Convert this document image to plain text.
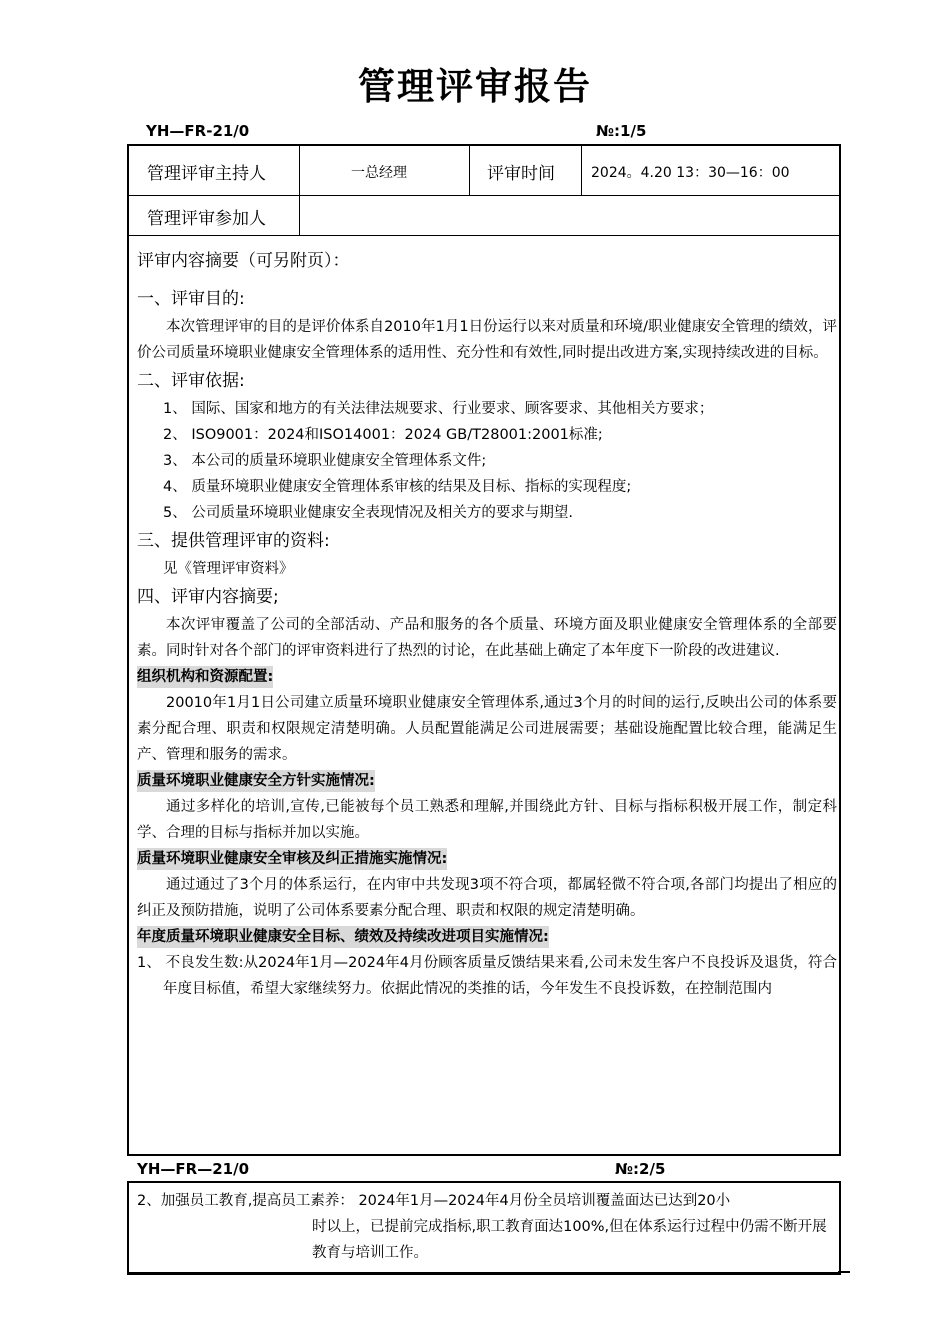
管理评审报告
YH—FR-21/0	№:1/5
管理评审主持人	一总经理	评审时间	2024。4.20 13：30—16：00
管理评审参加人

评审内容摘要（可另附页）：

一、评审目的:

本次管理评审的目的是评价体系自2010年1月1日份运行以来对质量和环境/职业健康安全管理的绩效，评价公司质量环境职业健康安全管理体系的适用性、充分性和有效性,同时提出改进方案,实现持续改进的目标。

二、评审依据:

1、 国际、国家和地方的有关法律法规要求、行业要求、顾客要求、其他相关方要求；

2、 ISO9001：2024和ISO14001：2024 GB/T28001:2001标准;

3、 本公司的质量环境职业健康安全管理体系文件;

4、 质量环境职业健康安全管理体系审核的结果及目标、指标的实现程度;

5、 公司质量环境职业健康安全表现情况及相关方的要求与期望.

三、提供管理评审的资料:

见《管理评审资料》

四、评审内容摘要;

本次评审覆盖了公司的全部活动、产品和服务的各个质量、环境方面及职业健康安全管理体系的全部要素。同时针对各个部门的评审资料进行了热烈的讨论，在此基础上确定了本年度下一阶段的改进建议.

组织机构和资源配置:

20010年1月1日公司建立质量环境职业健康安全管理体系,通过3个月的时间的运行,反映出公司的体系要素分配合理、职责和权限规定清楚明确。人员配置能满足公司进展需要；基础设施配置比较合理，能满足生产、管理和服务的需求。

质量环境职业健康安全方针实施情况:

通过多样化的培训,宣传,已能被每个员工熟悉和理解,并围绕此方针、目标与指标积极开展工作，制定科学、合理的目标与指标并加以实施。

质量环境职业健康安全审核及纠正措施实施情况:

通过通过了3个月的体系运行，在内审中共发现3项不符合项，都属轻微不符合项,各部门均提出了相应的纠正及预防措施，说明了公司体系要素分配合理、职责和权限的规定清楚明确。

年度质量环境职业健康安全目标、绩效及持续改进项目实施情况:

1、 不良发生数:从2024年1月—2024年4月份顾客质量反馈结果来看,公司未发生客户不良投诉及退货，符合年度目标值，希望大家继续努力。依据此情况的类推的话，今年发生不良投诉数，在控制范围内

YH—FR—21/0	№:2/5
2、加强员工教育,提高员工素养： 2024年1月—2024年4月份全员培训覆盖面达已达到20小
时以上，已提前完成指标,职工教育面达100%,但在体系运行过程中仍需不断开展教育与培训工作。
